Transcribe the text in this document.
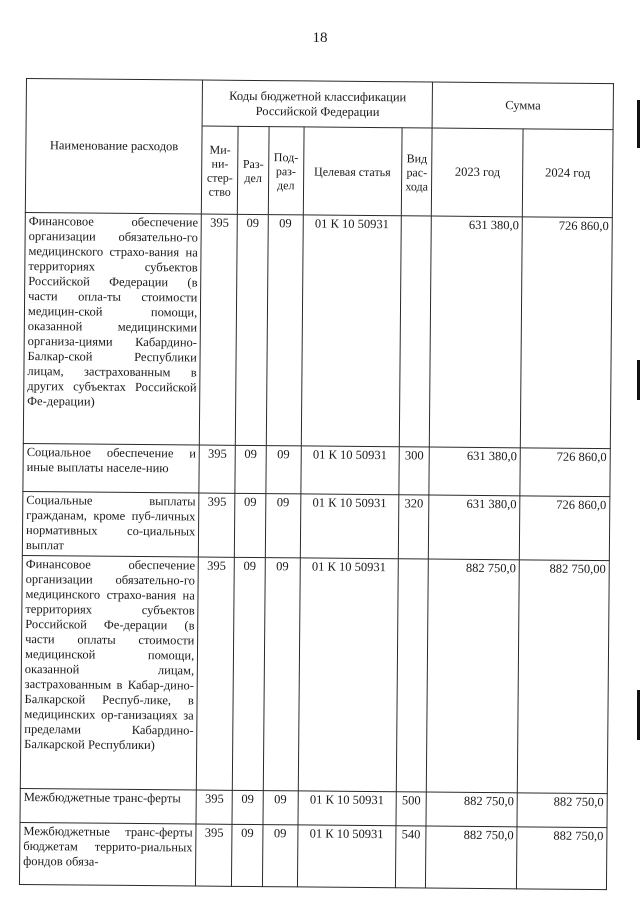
18
Наименование расходов	Коды бюджетной классификации Российской Федерации					Сумма	
	Ми-ни-стер-ство	Раз-дел	Под-раз-дел	Целевая статья	Вид рас-хода	2023 год	2024 год
Финансовое обеспечение организации обязательно-го медицинского страхо-вания на территориях субъектов Российской Федерации (в части опла-ты стоимости медицин-ской помощи, оказанной медицинскими организа-циями Кабардино-Балкар-ской Республики лицам, застрахованным в других субъектах Российской Фе-дерации)	395	09	09	01 К 10 50931		631 380,0	726 860,0
Социальное обеспечение и иные выплаты населе-нию	395	09	09	01 К 10 50931	300	631 380,0	726 860,0
Социальные выплаты гражданам, кроме пуб-личных нормативных со-циальных выплат	395	09	09	01 К 10 50931	320	631 380,0	726 860,0
Финансовое обеспечение организации обязательно-го медицинского страхо-вания на территориях субъектов Российской Фе-дерации (в части оплаты стоимости медицинской помощи, оказанной лицам, застрахованным в Кабар-дино-Балкарской Респуб-лике, в медицинских ор-ганизациях за пределами Кабардино-Балкарской Республики)	395	09	09	01 К 10 50931		882 750,0	882 750,00
Межбюджетные транс-ферты	395	09	09	01 К 10 50931	500	882 750,0	882 750,0
Межбюджетные транс-ферты бюджетам террито-риальных фондов обяза-	395	09	09	01 К 10 50931	540	882 750,0	882 750,0
